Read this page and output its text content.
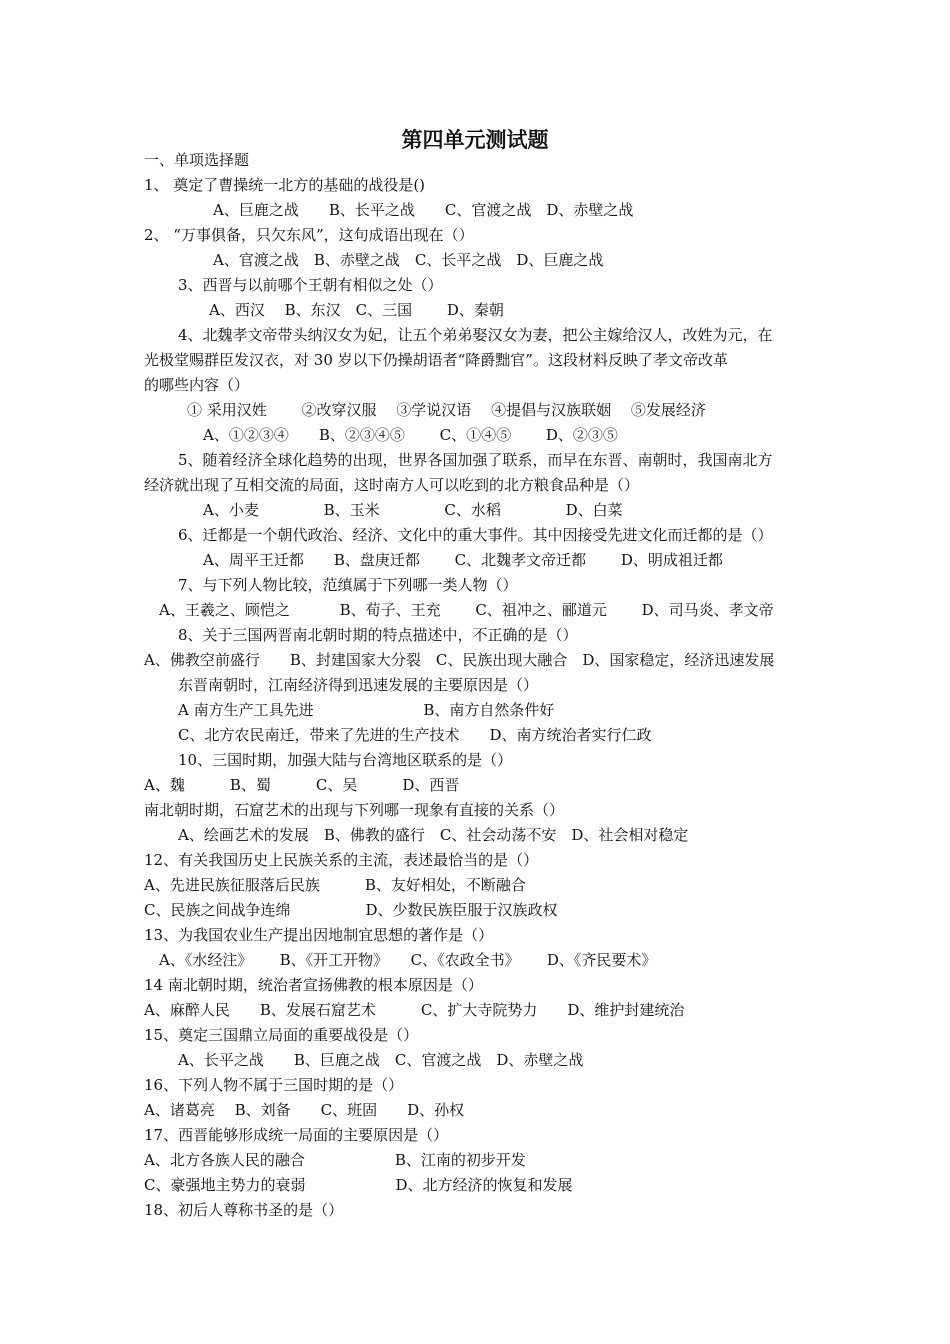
第四单元测试题
一、单项选择题
1、 奠定了曹操统一北方的基础的战役是()
A、巨鹿之战　　B、长平之战　　C、官渡之战　D、赤壁之战
2、 “万事俱备，只欠东风”，这句成语出现在（）
A、官渡之战　B、赤壁之战　C、长平之战　D、巨鹿之战
3、西晋与以前哪个王朝有相似之处（）
A、西汉　 B、东汉　C、三国　　 D、秦朝
4、北魏孝文帝带头纳汉女为妃，让五个弟弟娶汉女为妻，把公主嫁给汉人，改姓为元，在
光极堂赐群臣发汉衣，对 30 岁以下仍操胡语者“降爵黜官”。这段材料反映了孝文帝改革
的哪些内容（）
① 采用汉姓　　 ②改穿汉服　 ③学说汉语　 ④提倡与汉族联姻　 ⑤发展经济
A、①②③④　　B、②③④⑤　　 C、①④⑤　　 D、②③⑤
5、随着经济全球化趋势的出现，世界各国加强了联系，而早在东晋、南朝时，我国南北方
经济就出现了互相交流的局面，这时南方人可以吃到的北方粮食品种是（）
A、小麦　　　　 B、玉米　　　　 C、水稻　　　　 D、白菜
6、迁都是一个朝代政治、经济、文化中的重大事件。其中因接受先进文化而迁都的是（）
A、周平王迁都　　B、盘庚迁都　　 C、北魏孝文帝迁都　　 D、明成祖迁都
7、与下列人物比较，范缜属于下列哪一类人物（）
A、王羲之、顾恺之　　　 B、荀子、王充　　 C、祖冲之、郦道元　　 D、司马炎、孝文帝
8、关于三国两晋南北朝时期的特点描述中，不正确的是（）
A、佛教空前盛行　　B、封建国家大分裂　C、民族出现大融合　D、国家稳定，经济迅速发展
东晋南朝时，江南经济得到迅速发展的主要原因是（）
A 南方生产工具先进　　　　　　　 B、南方自然条件好
C、北方农民南迁，带来了先进的生产技术　　D、南方统治者实行仁政
10、三国时期，加强大陆与台湾地区联系的是（）
A、魏　　　B、蜀　　　C、吴　　　D、西晋
南北朝时期，石窟艺术的出现与下列哪一现象有直接的关系（）
A、绘画艺术的发展　B、佛教的盛行　C、社会动荡不安　D、社会相对稳定
12、有关我国历史上民族关系的主流，表述最恰当的是（）
A、先进民族征服落后民族　　　B、友好相处，不断融合
C、民族之间战争连绵　　　　　D、少数民族臣服于汉族政权
13、为我国农业生产提出因地制宜思想的著作是（）
A、《水经注》　　 B、《开工开物》　　C、《农政全书》　　 D、《齐民要术》
14 南北朝时期，统治者宣扬佛教的根本原因是（）
A、麻醉人民　　B、发展石窟艺术　　　C、扩大寺院势力　　D、维护封建统治
15、奠定三国鼎立局面的重要战役是（）
A、长平之战　　B、巨鹿之战　C、官渡之战　D、赤壁之战
16、下列人物不属于三国时期的是（）
A、诸葛亮　 B、刘备　　C、班固　　D、孙权
17、西晋能够形成统一局面的主要原因是（）
A、北方各族人民的融合　　　　　　B、江南的初步开发
C、豪强地主势力的衰弱　　　　　　D、北方经济的恢复和发展
18、初后人尊称书圣的是（）
